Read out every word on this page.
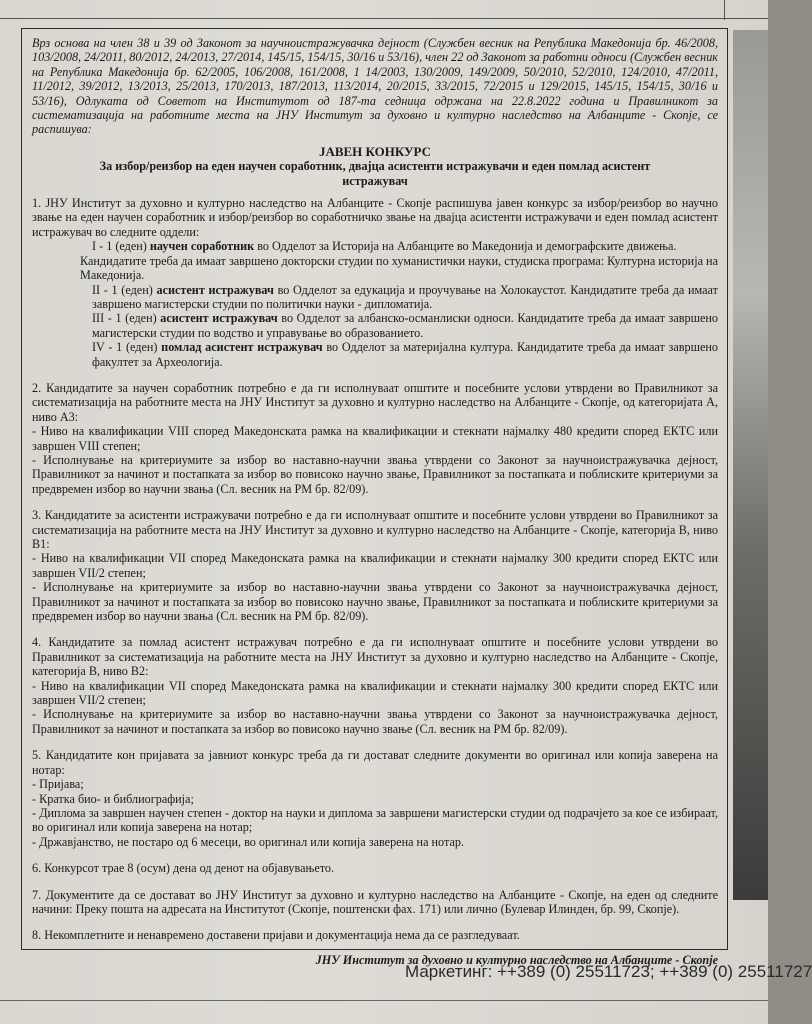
Врз основа на член 38 и 39 од Законот за научноистражувачка дејност (Службен весник на Република Македонија бр. 46/2008, 103/2008, 24/2011, 80/2012, 24/2013, 27/2014, 145/15, 154/15, 30/16 и 53/16), член 22 од Законот за работни односи (Службен весник на Република Македонија бр. 62/2005, 106/2008, 161/2008, 1 14/2003, 130/2009, 149/2009, 50/2010, 52/2010, 124/2010, 47/2011, 11/2012, 39/2012, 13/2013, 25/2013, 170/2013, 187/2013, 113/2014, 20/2015, 33/2015, 72/2015 и 129/2015, 145/15, 154/15, 30/16 и 53/16), Одлуката од Советот на Институтот од 187-та седница одржана на 22.8.2022 година и Правилникот за систематизација на работните места на ЈНУ Институт за духовно и културно наследство на Албанците - Скопје, се распишува:

ЈАВЕН КОНКУРС
За избор/реизбор на еден научен соработник, двајца асистенти истражувачи и еден помлад асистент истражувач

1. ЈНУ Институт за духовно и културно наследство на Албанците - Скопје распишува јавен конкурс за избор/реизбор во научно звање на еден научен соработник и избор/реизбор во соработничко звање на двајца асистенти истражувачи и еден помлад асистент истражувач во следните оддели:

I - 1 (еден) научен соработник во Одделот за Историја на Албанците во Македонија и демографските движења.

Кандидатите треба да имаат завршено докторски студии по хуманистички науки, студиска програма: Културна историја на Македонија.

II - 1 (еден) асистент истражувач во Одделот за едукација и проучување на Холокаустот. Кандидатите треба да имаат завршено магистерски студии по политички науки - дипломатија.

III - 1 (еден) асистент истражувач во Одделот за албанско-османлиски односи. Кандидатите треба да имаат завршено магистерски студии по водство и управување во образованието.

IV - 1 (еден) помлад асистент истражувач во Одделот за материјална култура. Кандидатите треба да имаат завршено факултет за Археологија.

2. Кандидатите за научен соработник потребно е да ги исполнуваат општите и посебните услови утврдени во Правилникот за систематизација на работните места на ЈНУ Институт за духовно и културно наследство на Албанците - Скопје, од категоријата А, ниво А3:

- Ниво на квалификации VIII според Македонската рамка на квалификации и стекнати најмалку 480 кредити според ЕКТС или завршен VIII степен;

- Исполнување на критериумите за избор во наставно-научни звања утврдени со Законот за научноистражувачка дејност, Правилникот за начинот и постапката за избор во повисоко научно звање, Правилникот за постапката и поблиските критериуми за предвремен избор во научни звања (Сл. весник на РМ бр. 82/09).

3. Кандидатите за асистенти истражувачи потребно е да ги исполнуваат општите и посебните услови утврдени во Правилникот за систематизација на работните места на ЈНУ Институт за духовно и културно наследство на Албанците - Скопје, категорија В, ниво В1:

- Ниво на квалификации VII според Македонската рамка на квалификации и стекнати најмалку 300 кредити според ЕКТС или завршен VII/2 степен;

- Исполнување на критериумите за избор во наставно-научни звања утврдени со Законот за научноистражувачка дејност, Правилникот за начинот и постапката за избор во повисоко научно звање, Правилникот за постапката и поблиските критериуми за предвремен избор во научни звања (Сл. весник на РМ бр. 82/09).

4. Кандидатите за помлад асистент истражувач потребно е да ги исполнуваат општите и посебните услови утврдени во Правилникот за систематизација на работните места на ЈНУ Институт за духовно и културно наследство на Албанците - Скопје, категорија В, ниво В2:

- Ниво на квалификации VII според Македонската рамка на квалификации и стекнати најмалку 300 кредити според ЕКТС или завршен VII/2 степен;

- Исполнување на критериумите за избор во наставно-научни звања утврдени со Законот за научноистражувачка дејност, Правилникот за начинот и постапката за избор во повисоко научно звање (Сл. весник на РМ бр. 82/09).

5. Кандидатите кон пријавата за јавниот конкурс треба да ги достават следните документи во оригинал или копија заверена на нотар:

- Пријава;

- Кратка био- и библиографија;

- Диплома за завршен научен степен - доктор на науки и диплома за завршени магистерски студии од подрачјето за кое се избираат, во оригинал или копија заверена на нотар;

- Државјанство, не постаро од 6 месеци, во оригинал или копија заверена на нотар.

6. Конкурсот трае 8 (осум) дена од денот на објавувањето.

7. Документите да се доставaт во ЈНУ Институт за духовно и културно наследство на Албанците - Скопје, на еден од следните начини: Преку пошта на адресата на Институтот (Скопје, поштенски фах. 171) или лично (Булевар Илинден, бр. 99, Скопје).

8. Некомплетните и ненавремено доставени пријави и документација нема да се разгледуваат.

ЈНУ Институт за духовно и културно наследство на Албанците - Скопје

Маркетинг: ++389 (0) 25511723; ++389 (0) 25511727
